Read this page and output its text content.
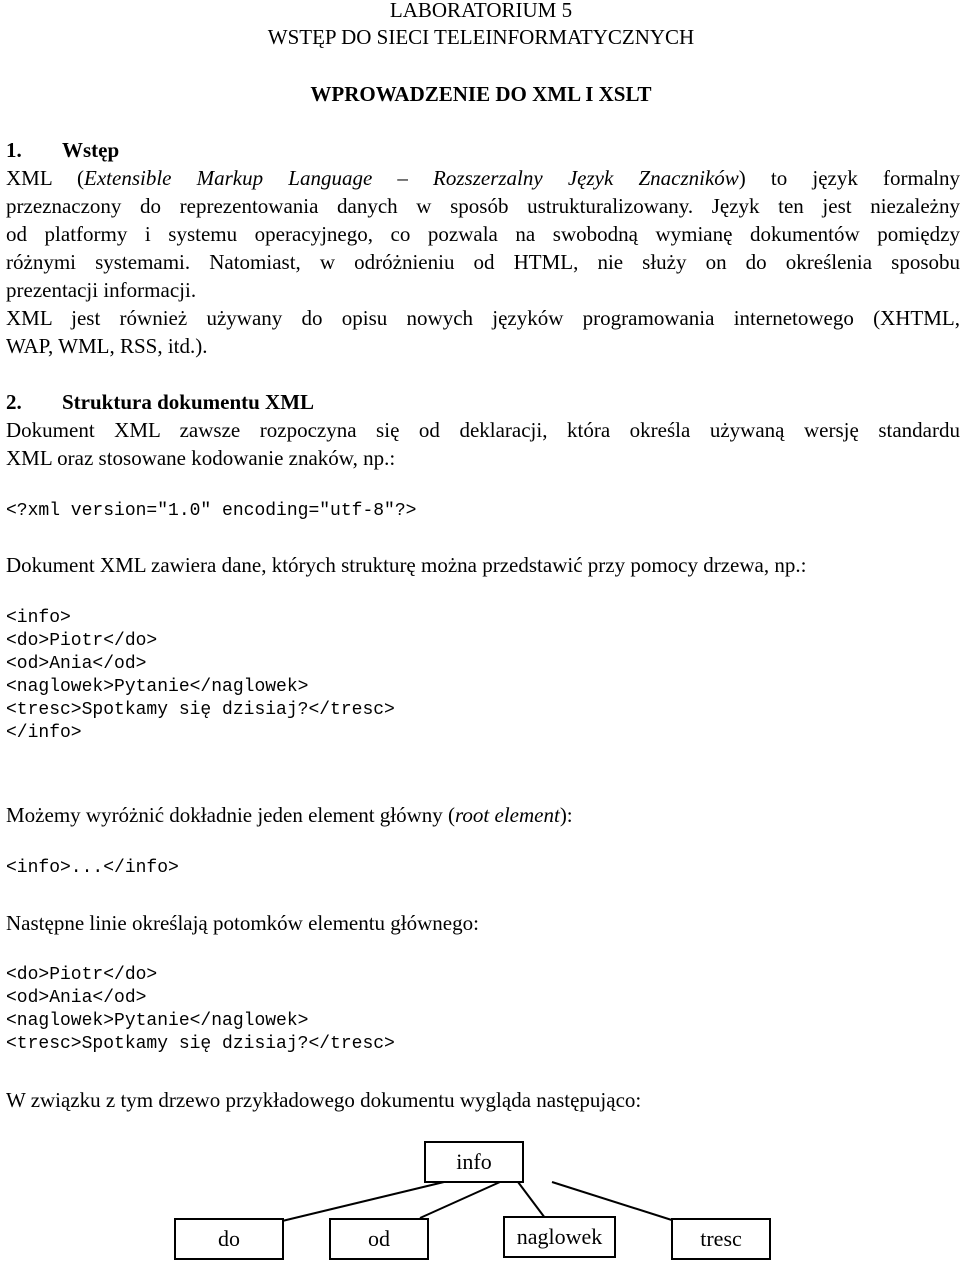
LABORATORIUM 5
WSTĘP DO SIECI TELEINFORMATYCZNYCH
WPROWADZENIE DO XML I XSLT
1. Wstęp
XML (Extensible Markup Language – Rozszerzalny Język Znaczników) to język formalny
przeznaczony do reprezentowania danych w sposób ustrukturalizowany. Język ten jest niezależny
od platformy i systemu operacyjnego, co pozwala na swobodną wymianę dokumentów pomiędzy
różnymi systemami. Natomiast, w odróżnieniu od HTML, nie służy on do określenia sposobu
prezentacji informacji.
XML jest również używany do opisu nowych języków programowania internetowego (XHTML,
WAP, WML, RSS, itd.).
2. Struktura dokumentu XML
Dokument XML zawsze rozpoczyna się od deklaracji, która określa używaną wersję standardu
XML oraz stosowane kodowanie znaków, np.:
<?xml version="1.0" encoding="utf-8"?>
Dokument XML zawiera dane, których strukturę można przedstawić przy pomocy drzewa, np.:
<info>
<do>Piotr</do>
<od>Ania</od>
<naglowek>Pytanie</naglowek>
<tresc>Spotkamy się dzisiaj?</tresc>
</info>
Możemy wyróżnić dokładnie jeden element główny (root element):
<info>...</info>
Następne linie określają potomków elementu głównego:
<do>Piotr</do>
<od>Ania</od>
<naglowek>Pytanie</naglowek>
<tresc>Spotkamy się dzisiaj?</tresc>
W związku z tym drzewo przykładowego dokumentu wygląda następująco:
info
do	od	naglowek	tresc
